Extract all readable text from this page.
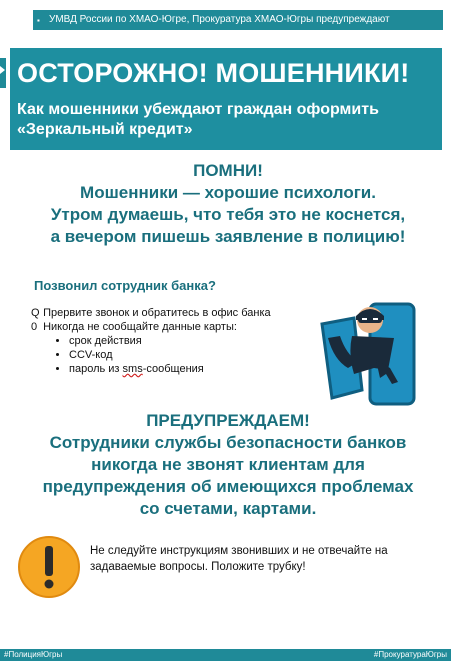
▪ УМВД России по ХМАО-Югре, Прокуратура ХМАО-Югры предупреждают
ОСТОРОЖНО! МОШЕННИКИ!
Как мошенники убеждают граждан оформить «Зеркальный кредит»
ПОМНИ!
Мошенники — хорошие психологи.
Утром думаешь, что тебя это не коснется,
а вечером пишешь заявление в полицию!
Позвонил сотрудник банка?
Q Прервите звонок и обратитесь в офис банка
0 Никогда не сообщайте данные карты:
• срок действия
• CCV-код
• пароль из sms-сообщения
ПРЕДУПРЕЖДАЕМ!
Сотрудники службы безопасности банков
никогда не звонят клиентам для
предупреждения об имеющихся проблемах
со счетами, картами.
Не следуйте инструкциям звонивших и не отвечайте на задаваемые вопросы. Положите трубку!
#ПолицияЮгры	#ПрокуратураЮгры
